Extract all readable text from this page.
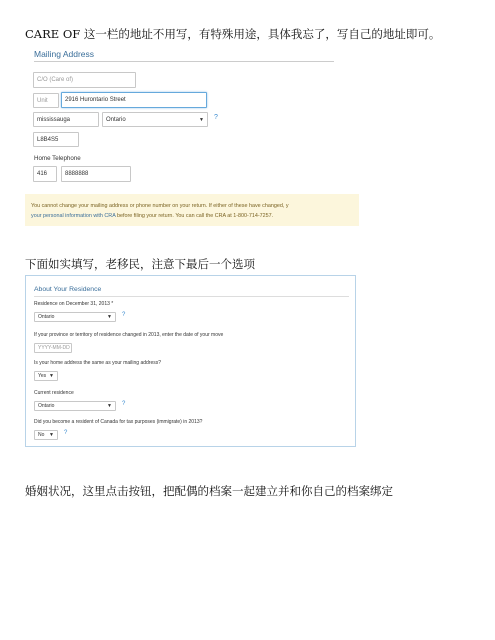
CARE OF 这一栏的地址不用写，有特殊用途，具体我忘了，写自己的地址即可。
Mailing Address
C/O (Care of)
Unit	2916 Hurontario Street
mississauga	Ontario	▼ ?
L8B4S5
Home Telephone
416	8888888
You cannot change your mailing address or phone number on your return. If either of these have changed, y
your personal information with CRA before filing your return. You can call the CRA at 1-800-714-7257.
下面如实填写，老移民，注意下最后一个选项
About Your Residence
Residence on December 31, 2013 *
Ontario	▼ ?
If your province or territory of residence changed in 2013, enter the date of your move
YYYY-MM-DD
Is your home address the same as your mailing address?
Yes ▼
Current residence
Ontario	▼ ?
Did you become a resident of Canada for tax purposes (immigrate) in 2013?
No ▼ ?
婚姻状况，这里点击按钮，把配偶的档案一起建立并和你自己的档案绑定
